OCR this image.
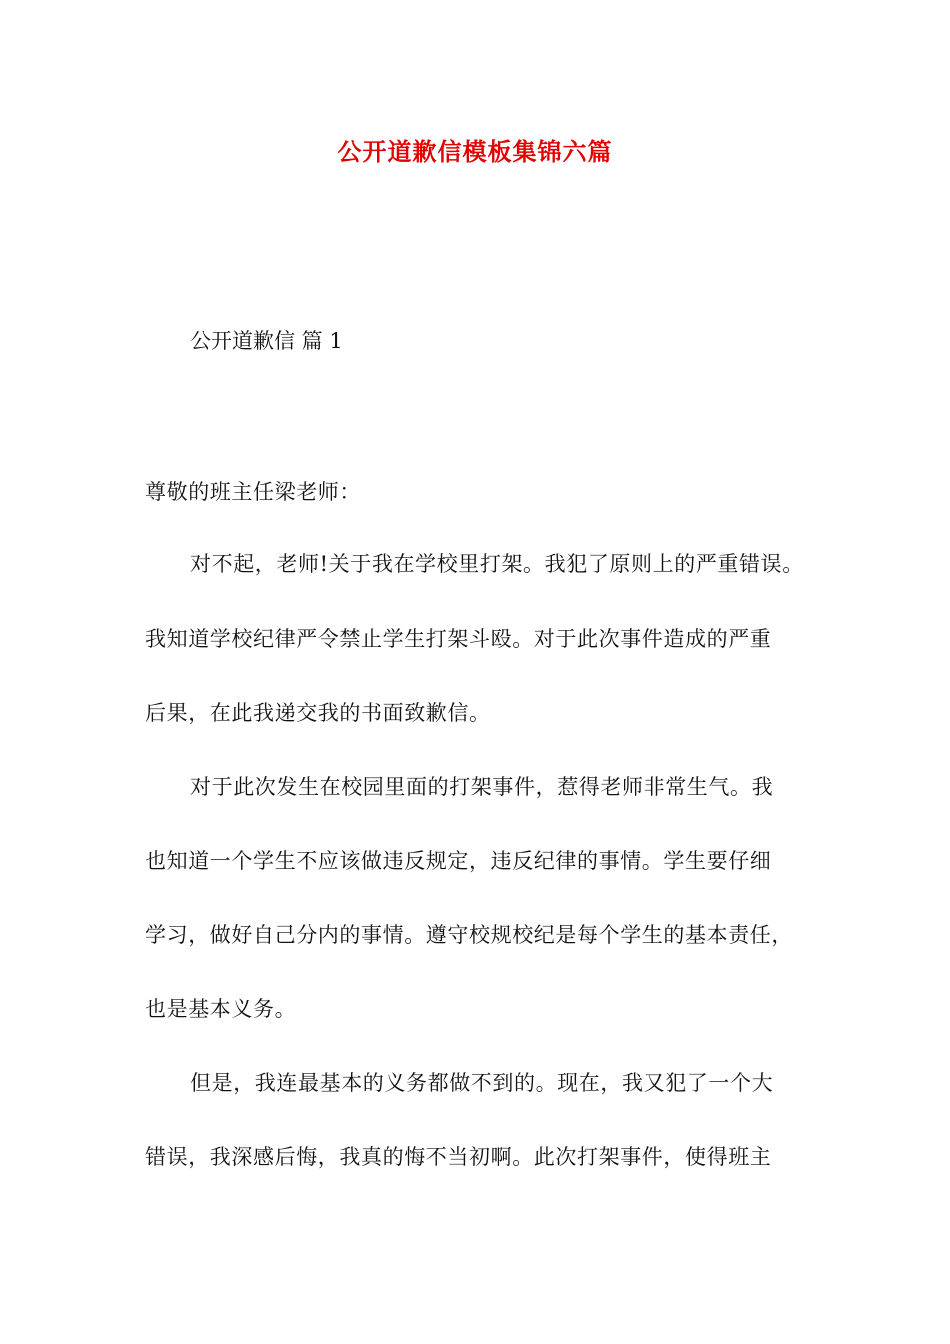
公开道歉信模板集锦六篇
公开道歉信 篇 1
尊敬的班主任梁老师：
对不起，老师!关于我在学校里打架。我犯了原则上的严重错误。
我知道学校纪律严令禁止学生打架斗殴。对于此次事件造成的严重
后果，在此我递交我的书面致歉信。
对于此次发生在校园里面的打架事件，惹得老师非常生气。我
也知道一个学生不应该做违反规定，违反纪律的事情。学生要仔细
学习，做好自己分内的事情。遵守校规校纪是每个学生的基本责任，
也是基本义务。
但是，我连最基本的义务都做不到的。现在，我又犯了一个大
错误，我深感后悔，我真的悔不当初啊。此次打架事件，使得班主
